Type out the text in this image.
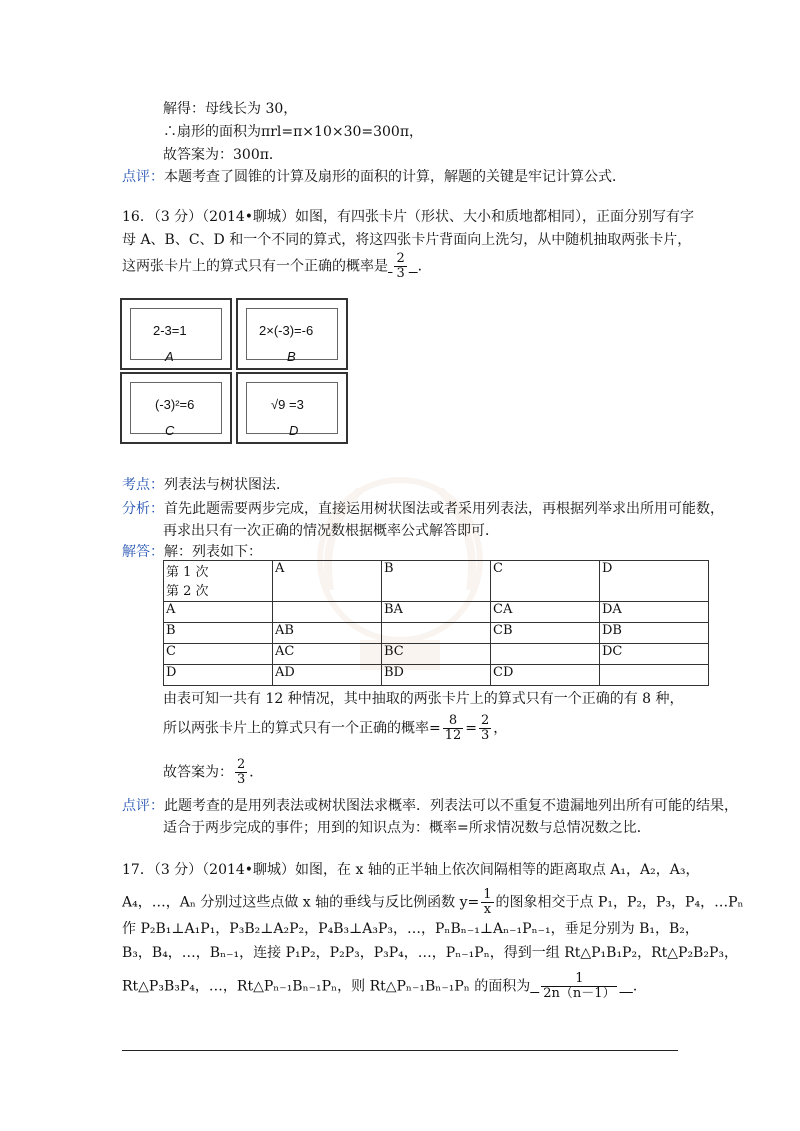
解得：母线长为 30，
∴扇形的面积为πrl=π×10×30=300π，
故答案为：300π．
点评：本题考查了圆锥的计算及扇形的面积的计算，解题的关键是牢记计算公式．
16．（3 分）（2014•聊城）如图，有四张卡片（形状、大小和质地都相同），正面分别写有字
母 A、B、C、D 和一个不同的算式，将这四张卡片背面向上洗匀，从中随机抽取两张卡片，
这两张卡片上的算式只有一个正确的概率是 $\frac{2}{3}$ ．
2-3=1
A
2×(-3)=-6
B
(-3)²=6
C
√9 =3
D
考点：列表法与树状图法．
分析：首先此题需要两步完成，直接运用树状图法或者采用列表法，再根据列举求出所用可能数，
再求出只有一次正确的情况数根据概率公式解答即可．
解答：解：列表如下：
第 1 次
第 2 次	A	B	C	D
A		BA	CA	DA
B	AB		CB	DB
C	AC	BC		DC
D	AD	BD	CD	
由表可知一共有 12 种情况，其中抽取的两张卡片上的算式只有一个正确的有 8 种，
所以两张卡片上的算式只有一个正确的概率= $\frac{8}{12} = \frac{2}{3}$ ，
故答案为： $\frac{2}{3}$ ．
点评：此题考查的是用列表法或树状图法求概率．列表法可以不重复不遗漏地列出所有可能的结果，
适合于两步完成的事件；用到的知识点为：概率=所求情况数与总情况数之比．
17．（3 分）（2014•聊城）如图，在 x 轴的正半轴上依次间隔相等的距离取点 A₁，A₂，A₃，
A₄，…，Aₙ 分别过这些点做 x 轴的垂线与反比例函数 $y= \frac{1}{x}$ 的图象相交于点 P₁，P₂，P₃，P₄，…Pₙ
作 P₂B₁⊥A₁P₁，P₃B₂⊥A₂P₂，P₄B₃⊥A₃P₃，…，PₙBₙ₋₁⊥Aₙ₋₁Pₙ₋₁，垂足分别为 B₁，B₂，
B₃，B₄，…，Bₙ₋₁，连接 P₁P₂，P₂P₃，P₃P₄，…，Pₙ₋₁Pₙ，得到一组 Rt△P₁B₁P₂，Rt△P₂B₂P₃，
Rt△P₃B₃P₄，…，Rt△Pₙ₋₁Bₙ₋₁Pₙ，则 Rt△Pₙ₋₁Bₙ₋₁Pₙ 的面积为 $\frac{1}{2n(n-1)}$ ．
